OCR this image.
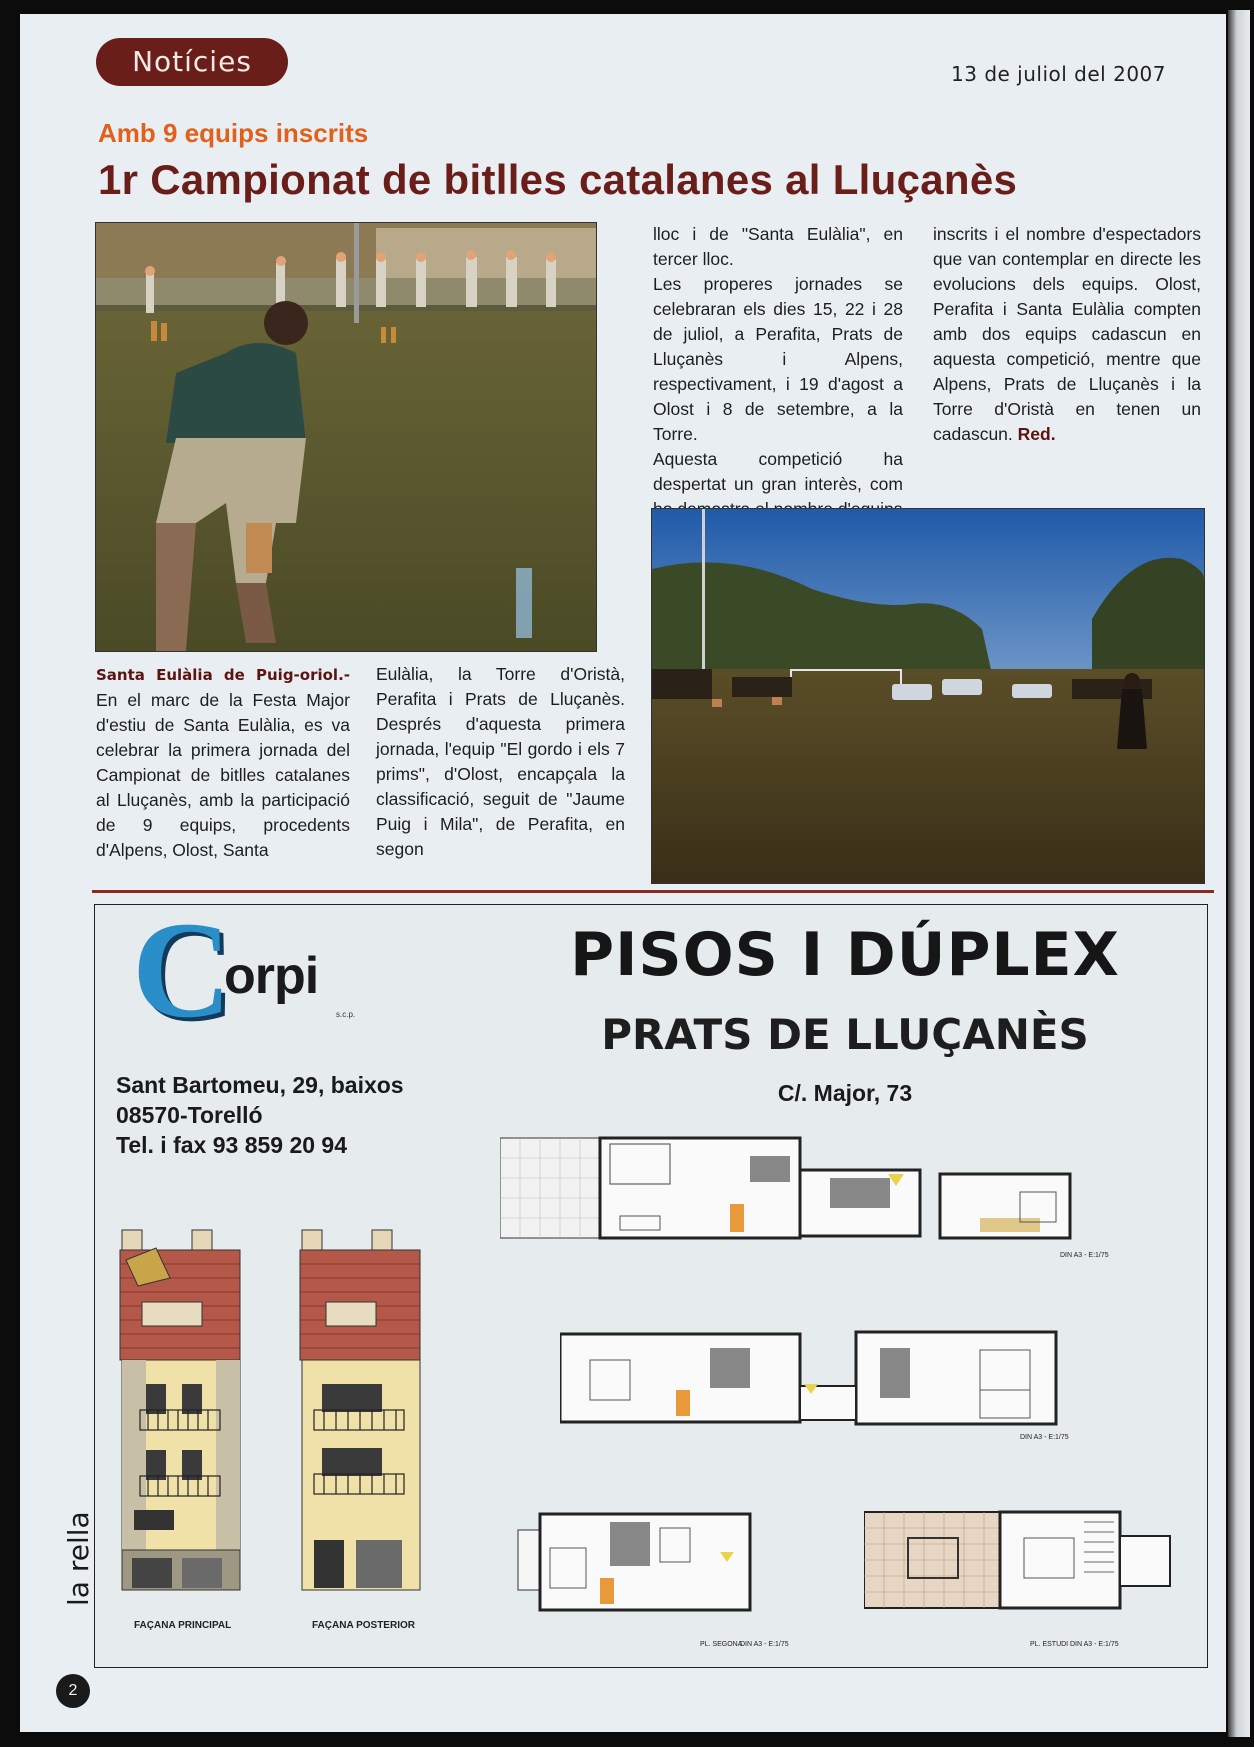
Notícies	13 de juliol del 2007
Amb 9 equips inscrits
1r Campionat de bitlles catalanes al Lluçanès

Santa Eulàlia de Puig-oriol.- En el marc de la Festa Major d'estiu de Santa Eulàlia, es va celebrar la primera jornada del Campionat de bitlles catalanes al Lluçanès, amb la participació de 9 equips, procedents d'Alpens, Olost, Santa

Eulàlia, la Torre d'Oristà, Perafita i Prats de Lluçanès. Després d'aquesta primera jornada, l'equip "El gordo i els 7 prims", d'Olost, encapçala la classificació, seguit de "Jaume Puig i Mila", de Perafita, en segon

lloc i de "Santa Eulàlia", en tercer lloc.

Les properes jornades se celebraran els dies 15, 22 i 28 de juliol, a Perafita, Prats de Lluçanès i Alpens, respectivament, i 19 d'agost a Olost i 8 de setembre, a la Torre.

Aquesta competició ha despertat un gran interès, com

inscrits i el nombre d'espectadors que van contemplar en directe les evolucions dels equips. Olost, Perafita i Santa Eulàlia compten amb dos equips cadascun en aquesta competició, mentre que Alpens, Prats de Lluçanès i la Torre d'Oristà en tenen un cadascun. Red.

C
orpi
s.c.p.
Sant Bartomeu, 29, baixos
08570-Torelló
Tel. i fax 93 859 20 94
PISOS I DÚPLEX
PRATS DE LLUÇANÈS
C/. Major, 73
FAÇANA PRINCIPAL	FAÇANA POSTERIOR
DIN A3 - E:1/75
DIN A3 - E:1/75
PL. SEGONA
DIN A3 - E:1/75	PL. ESTUDI DIN A3 - E:1/75
la rella
2
